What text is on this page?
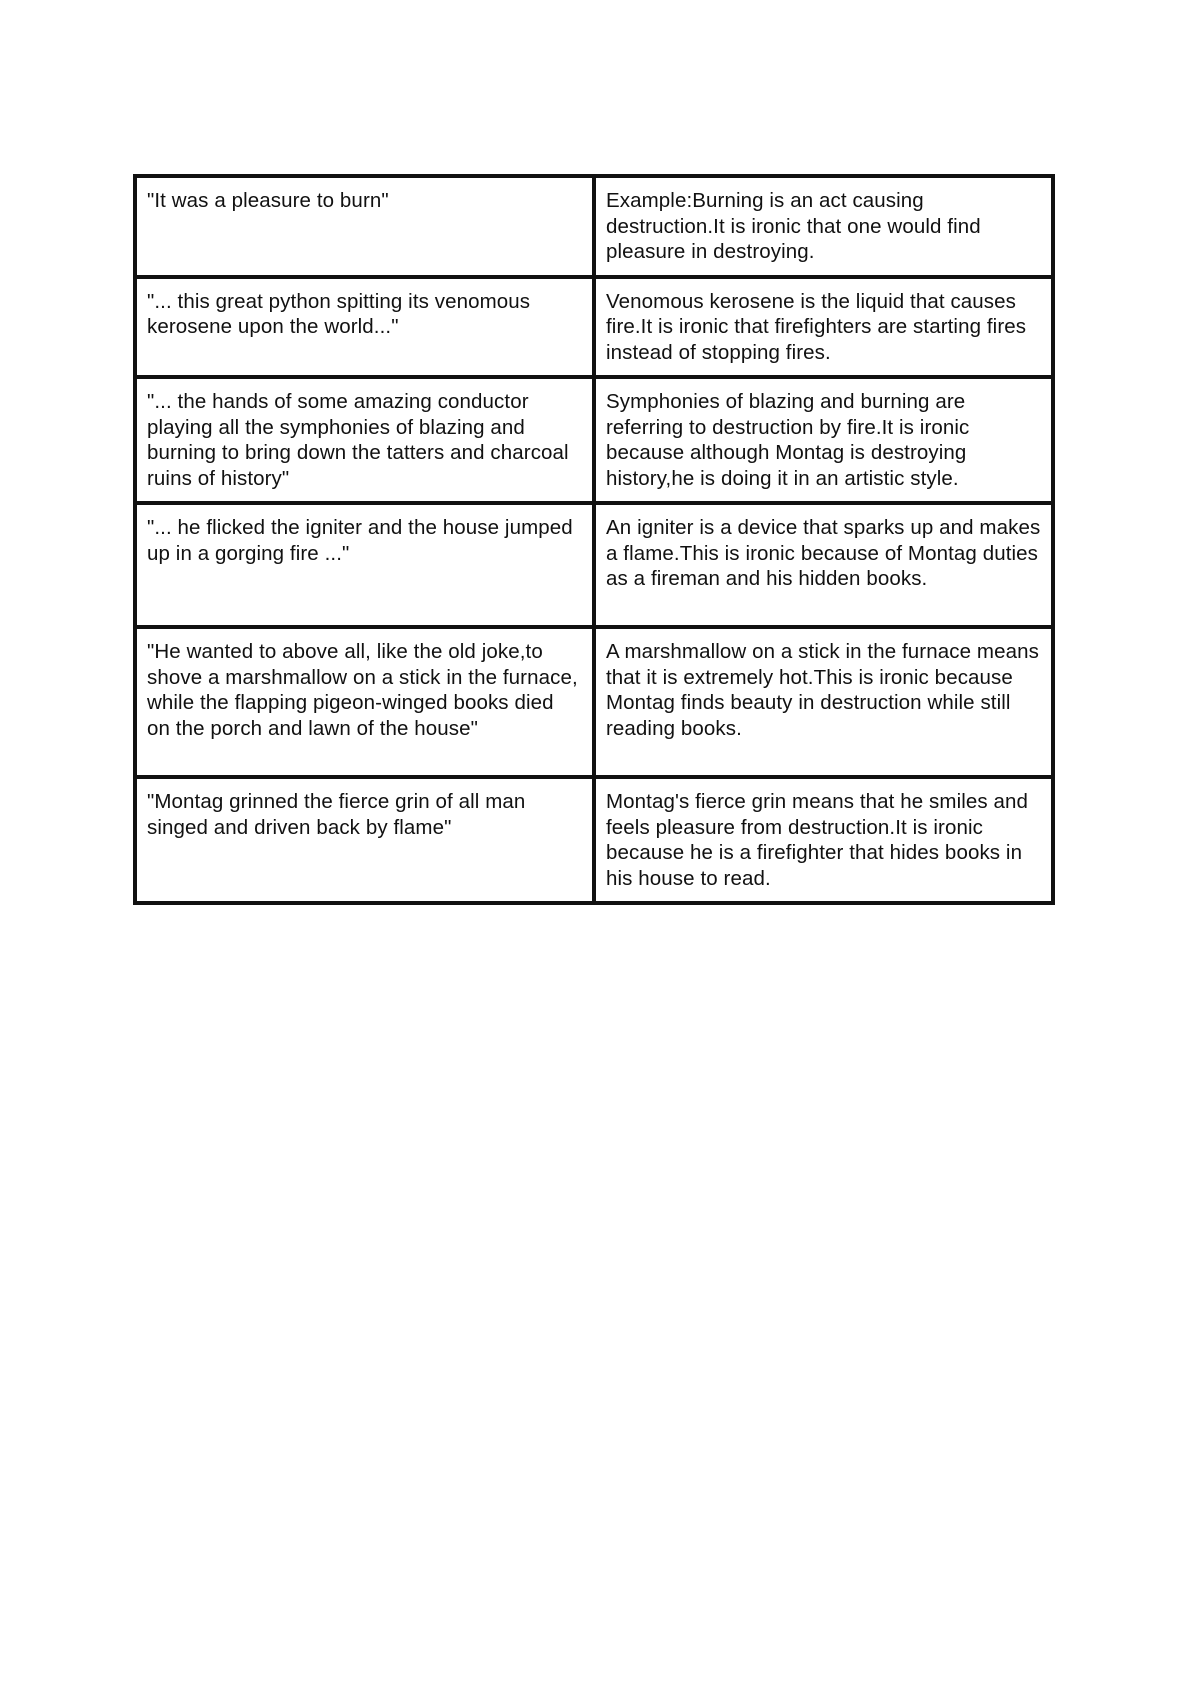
"It was a pleasure to burn"	Example:Burning is an act causing destruction.It is ironic that one would find pleasure in destroying.
"... this great python spitting its venomous kerosene upon the world..."	Venomous kerosene is the liquid that causes fire.It is ironic that firefighters are starting fires instead of stopping fires.
"... the hands of some amazing conductor playing all the symphonies of blazing and burning to bring down the tatters and charcoal ruins of history"	Symphonies of blazing and burning are referring to destruction by fire.It is ironic because although Montag is destroying history,he is doing it in an artistic style.
"... he flicked the igniter and the house jumped up in a gorging fire ..."	An igniter is a device that sparks up and makes a flame.This is ironic because of Montag duties as a fireman and his hidden books.
"He wanted to above all, like the old joke,to shove a marshmallow on a stick in the furnace, while the flapping pigeon-winged books died on the porch and lawn of the house"	A marshmallow on a stick in the furnace means that it is extremely hot.This is ironic because Montag finds beauty in destruction while still reading books.
"Montag grinned the fierce grin of all man singed and driven back by flame"	Montag's fierce grin means that he smiles and feels pleasure from destruction.It is ironic because he is a firefighter that hides books in his house to read.
